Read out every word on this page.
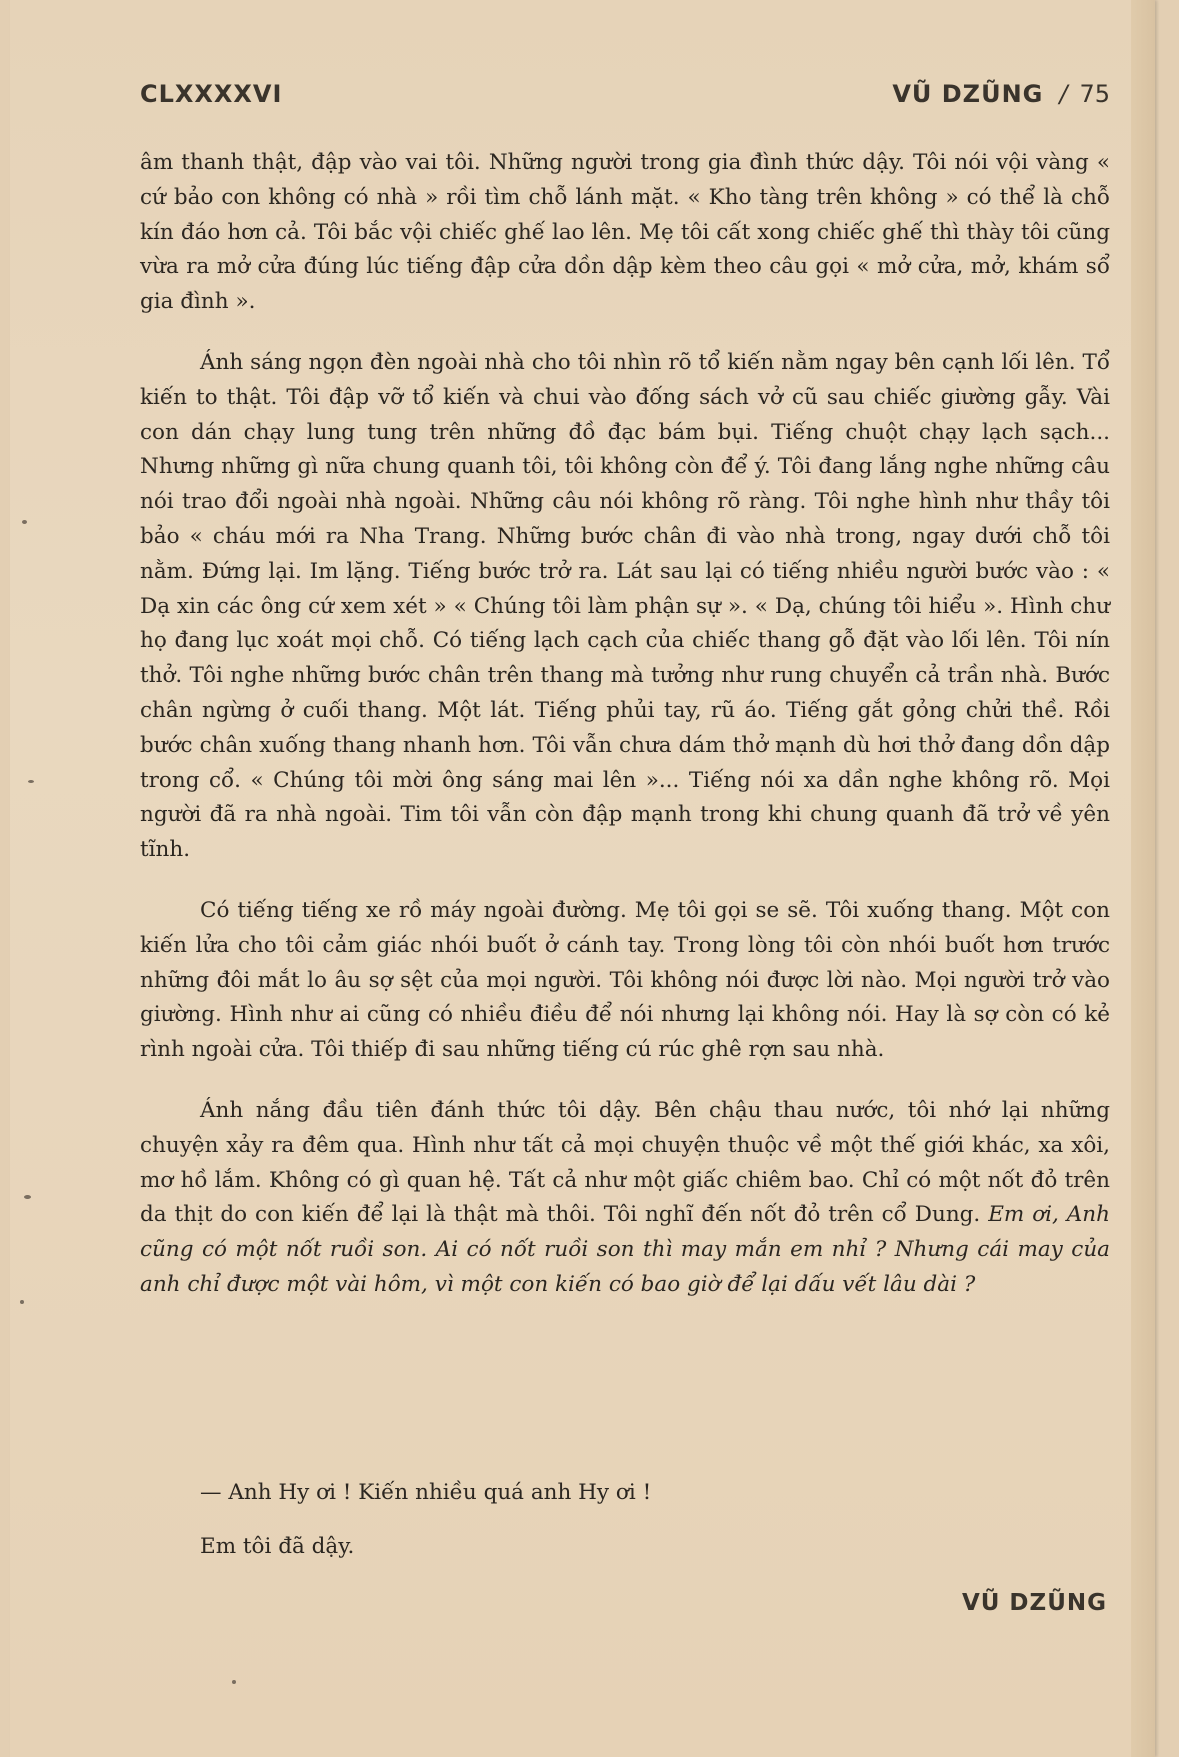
CLXXXXVI	VŨ DZŨNG / 75

âm thanh thật, đập vào vai tôi. Những người trong gia đình thức dậy. Tôi nói vội vàng « cứ bảo con không có nhà » rồi tìm chỗ lánh mặt. « Kho tàng trên không » có thể là chỗ kín đáo hơn cả. Tôi bắc vội chiếc ghế lao lên. Mẹ tôi cất xong chiếc ghế thì thày tôi cũng vừa ra mở cửa đúng lúc tiếng đập cửa dồn dập kèm theo câu gọi « mở cửa, mở, khám sổ gia đình ».

Ánh sáng ngọn đèn ngoài nhà cho tôi nhìn rõ tổ kiến nằm ngay bên cạnh lối lên. Tổ kiến to thật. Tôi đập vỡ tổ kiến và chui vào đống sách vở cũ sau chiếc giường gẫy. Vài con dán chạy lung tung trên những đồ đạc bám bụi. Tiếng chuột chạy lạch sạch... Nhưng những gì nữa chung quanh tôi, tôi không còn để ý. Tôi đang lắng nghe những câu nói trao đổi ngoài nhà ngoài. Những câu nói không rõ ràng. Tôi nghe hình như thầy tôi bảo « cháu mới ra Nha Trang. Những bước chân đi vào nhà trong, ngay dưới chỗ tôi nằm. Đứng lại. Im lặng. Tiếng bước trở ra. Lát sau lại có tiếng nhiều người bước vào : « Dạ xin các ông cứ xem xét » « Chúng tôi làm phận sự ». « Dạ, chúng tôi hiểu ». Hình chư họ đang lục xoát mọi chỗ. Có tiếng lạch cạch của chiếc thang gỗ đặt vào lối lên. Tôi nín thở. Tôi nghe những bước chân trên thang mà tưởng như rung chuyển cả trần nhà. Bước chân ngừng ở cuối thang. Một lát. Tiếng phủi tay, rũ áo. Tiếng gắt gỏng chửi thề. Rồi bước chân xuống thang nhanh hơn. Tôi vẫn chưa dám thở mạnh dù hơi thở đang dồn dập trong cổ. « Chúng tôi mời ông sáng mai lên »... Tiếng nói xa dần nghe không rõ. Mọi người đã ra nhà ngoài. Tim tôi vẫn còn đập mạnh trong khi chung quanh đã trở về yên tĩnh.

Có tiếng tiếng xe rồ máy ngoài đường. Mẹ tôi gọi se sẽ. Tôi xuống thang. Một con kiến lửa cho tôi cảm giác nhói buốt ở cánh tay. Trong lòng tôi còn nhói buốt hơn trước những đôi mắt lo âu sợ sệt của mọi người. Tôi không nói được lời nào. Mọi người trở vào giường. Hình như ai cũng có nhiều điều để nói nhưng lại không nói. Hay là sợ còn có kẻ rình ngoài cửa. Tôi thiếp đi sau những tiếng cú rúc ghê rợn sau nhà.

Ánh nắng đầu tiên đánh thức tôi dậy. Bên chậu thau nước, tôi nhớ lại những chuyện xảy ra đêm qua. Hình như tất cả mọi chuyện thuộc về một thế giới khác, xa xôi, mơ hồ lắm. Không có gì quan hệ. Tất cả như một giấc chiêm bao. Chỉ có một nốt đỏ trên da thịt do con kiến để lại là thật mà thôi. Tôi nghĩ đến nốt đỏ trên cổ Dung. Em ơi, Anh cũng có một nốt ruồi son. Ai có nốt ruồi son thì may mắn em nhỉ ? Nhưng cái may của anh chỉ được một vài hôm, vì một con kiến có bao giờ để lại dấu vết lâu dài ?

— Anh Hy ơi ! Kiến nhiều quá anh Hy ơi !

Em tôi đã dậy.

VŨ DZŨNG
